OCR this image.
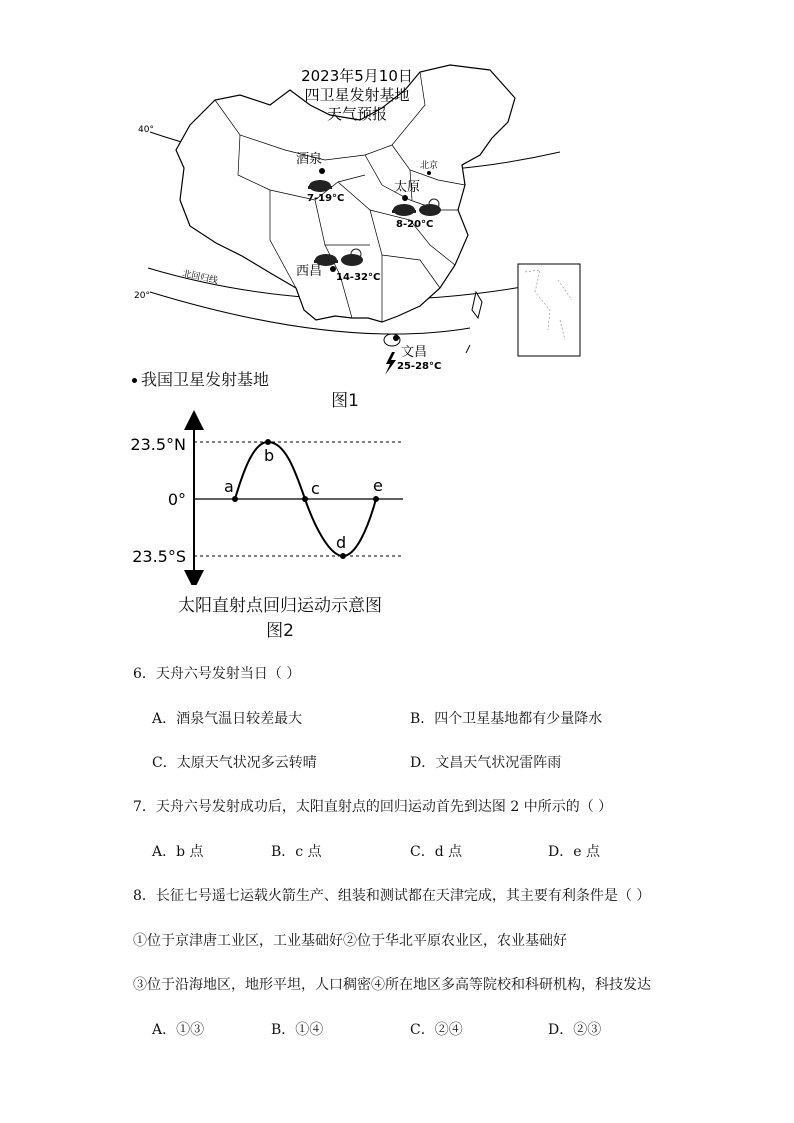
2023年5月10日
四卫星发射基地
天气预报
40°
20°
北回归线
北京
酒泉
7-19°C
太原
8-20°C
西昌 14-32°C
文昌
25-28°C
我国卫星发射基地
图1
23.5°N
0°
23.5°S
a
b
c
d
e
太阳直射点回归运动示意图
图2
6．天舟六号发射当日（ ）
A．酒泉气温日较差最大	B．四个卫星基地都有少量降水
C．太原天气状况多云转晴	D．文昌天气状况雷阵雨
7．天舟六号发射成功后，太阳直射点的回归运动首先到达图 2 中所示的（ ）
A．b 点	B．c 点	C．d 点	D．e 点
8．长征七号遥七运载火箭生产、组装和测试都在天津完成，其主要有利条件是（ ）
①位于京津唐工业区，工业基础好②位于华北平原农业区，农业基础好
③位于沿海地区，地形平坦，人口稠密④所在地区多高等院校和科研机构，科技发达
A．①③	B．①④	C．②④	D．②③
